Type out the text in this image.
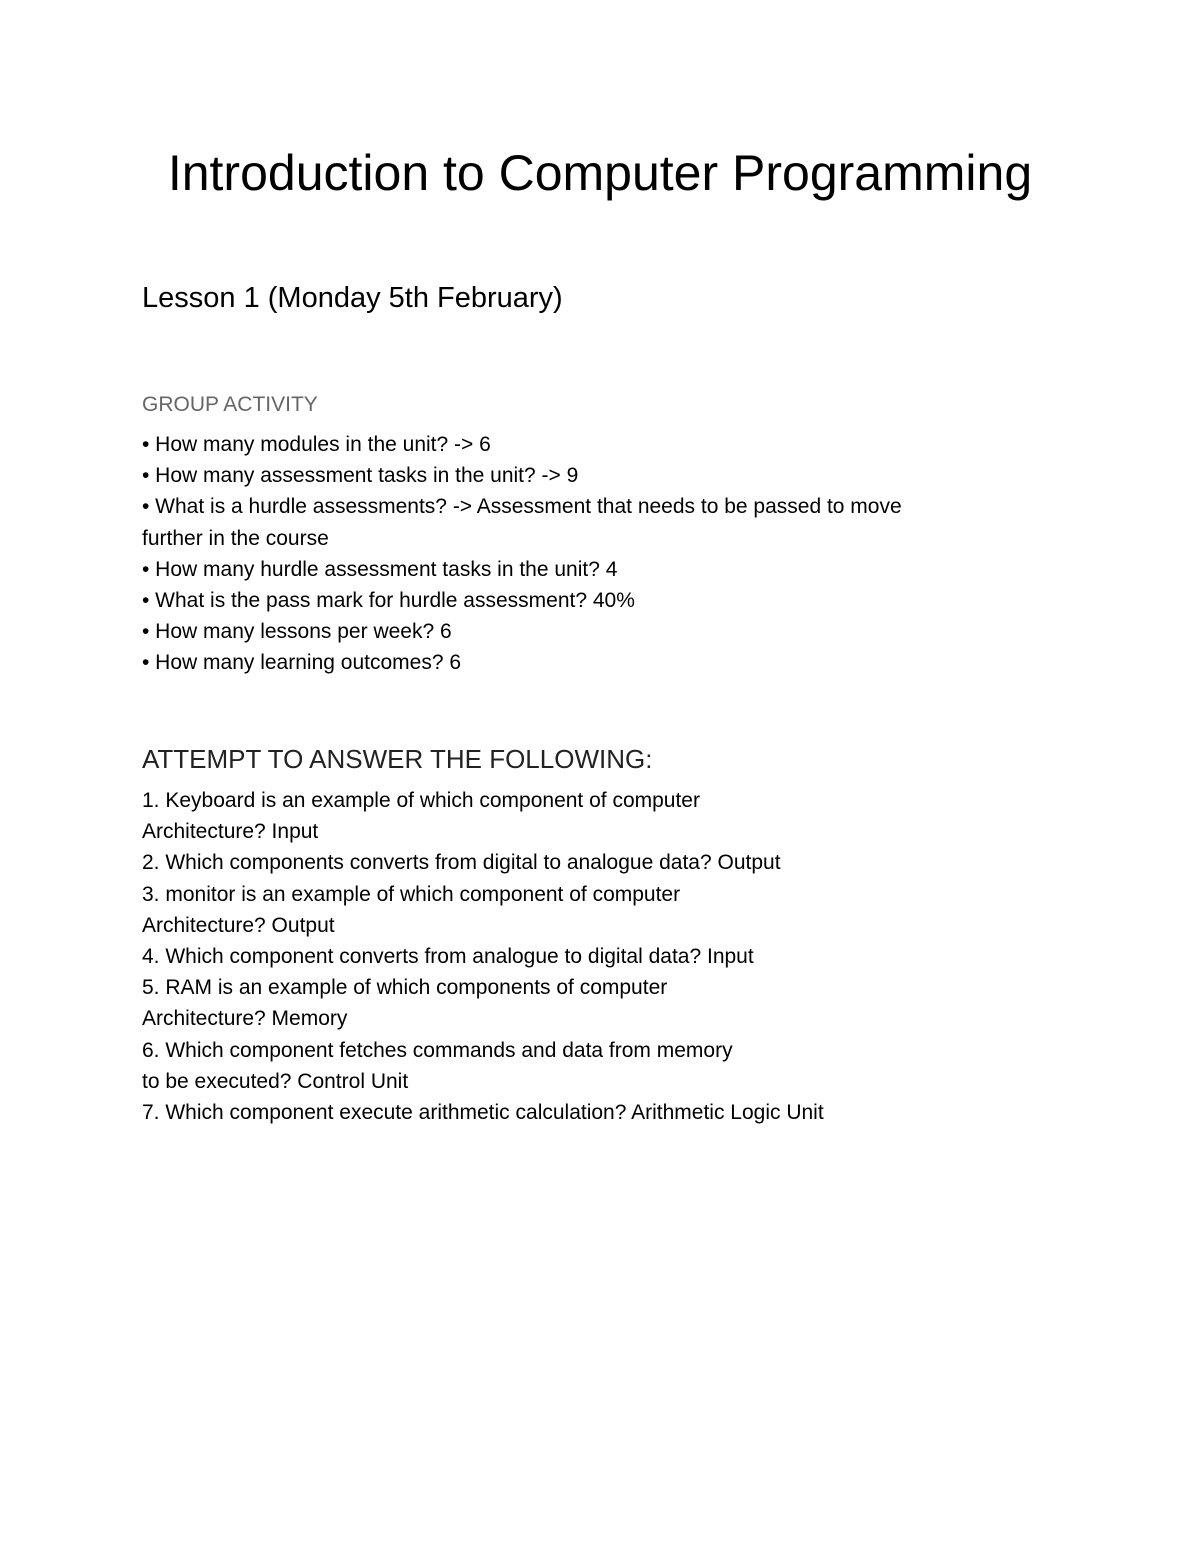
Introduction to Computer Programming
Lesson 1 (Monday 5th February)
GROUP ACTIVITY
• How many modules in the unit? -> 6
• How many assessment tasks in the unit? -> 9
• What is a hurdle assessments? -> Assessment that needs to be passed to move
further in the course
• How many hurdle assessment tasks in the unit? 4
• What is the pass mark for hurdle assessment? 40%
• How many lessons per week? 6
• How many learning outcomes? 6
ATTEMPT TO ANSWER THE FOLLOWING:
1. Keyboard is an example of which component of computer
Architecture? Input
2. Which components converts from digital to analogue data? Output
3. monitor is an example of which component of computer
Architecture? Output
4. Which component converts from analogue to digital data? Input
5. RAM is an example of which components of computer
Architecture? Memory
6. Which component fetches commands and data from memory
to be executed? Control Unit
7. Which component execute arithmetic calculation? Arithmetic Logic Unit
